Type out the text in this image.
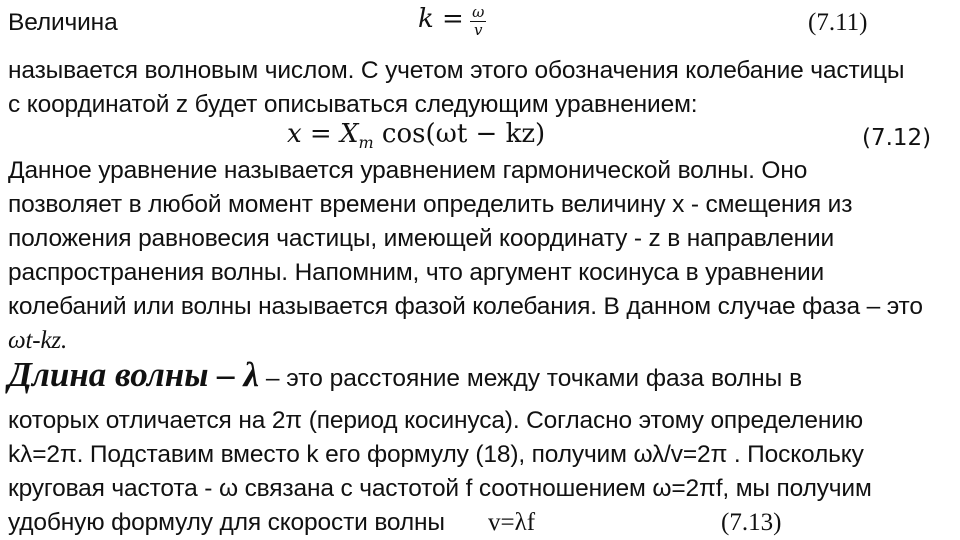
Величина	$k = \frac{\omega}{v}$	(7.11)
называется волновым числом. С учетом этого обозначения колебание частицы
с координатой z будет описываться следующим уравнением:
$x = X_m$ cos(ωt − kz)	(7.12)
Данное уравнение называется уравнением гармонической волны. Оно
позволяет в любой момент времени определить величину x - смещения из
положения равновесия частицы, имеющей координату - z в направлении
распространения волны. Напомним, что аргумент косинуса в уравнении
колебаний или волны называется фазой колебания. В данном случае фаза – это
ωt-kz.
Длина волны – λ – это расстояние между точками фаза волны в
которых отличается на 2π (период косинуса). Согласно этому определению
kλ=2π. Подставим вместо k его формулу (18), получим ωλ/v=2π . Поскольку
круговая частота - ω связана с частотой f соотношением ω=2πf, мы получим
удобную формулу для скорости волны v=λf	(7.13)
